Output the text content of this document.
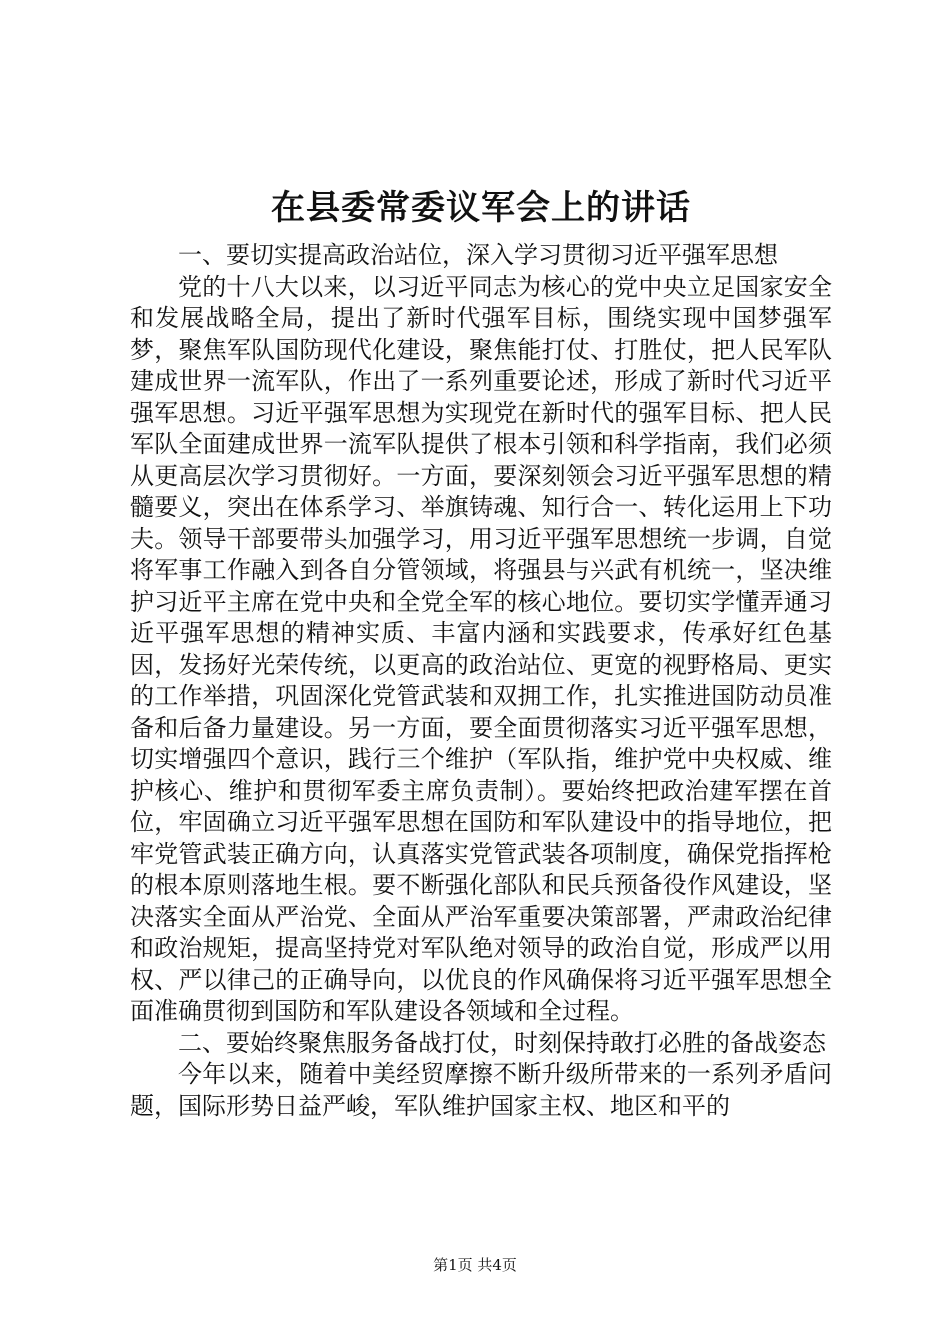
在县委常委议军会上的讲话

一、要切实提高政治站位，深入学习贯彻习近平强军思想

党的十八大以来，以习近平同志为核心的党中央立足国家安全和发展战略全局，提出了新时代强军目标，围绕实现中国梦强军梦，聚焦军队国防现代化建设，聚焦能打仗、打胜仗，把人民军队建成世界一流军队，作出了一系列重要论述，形成了新时代习近平强军思想。习近平强军思想为实现党在新时代的强军目标、把人民军队全面建成世界一流军队提供了根本引领和科学指南，我们必须从更高层次学习贯彻好。一方面，要深刻领会习近平强军思想的精髓要义，突出在体系学习、举旗铸魂、知行合一、转化运用上下功夫。领导干部要带头加强学习，用习近平强军思想统一步调，自觉将军事工作融入到各自分管领域，将强县与兴武有机统一，坚决维护习近平主席在党中央和全党全军的核心地位。要切实学懂弄通习近平强军思想的精神实质、丰富内涵和实践要求，传承好红色基因，发扬好光荣传统，以更高的政治站位、更宽的视野格局、更实的工作举措，巩固深化党管武装和双拥工作，扎实推进国防动员准备和后备力量建设。另一方面，要全面贯彻落实习近平强军思想，切实增强四个意识，践行三个维护（军队指，维护党中央权威、维护核心、维护和贯彻军委主席负责制）。要始终把政治建军摆在首位，牢固确立习近平强军思想在国防和军队建设中的指导地位，把牢党管武装正确方向，认真落实党管武装各项制度，确保党指挥枪的根本原则落地生根。要不断强化部队和民兵预备役作风建设，坚决落实全面从严治党、全面从严治军重要决策部署，严肃政治纪律和政治规矩，提高坚持党对军队绝对领导的政治自觉，形成严以用权、严以律己的正确导向，以优良的作风确保将习近平强军思想全面准确贯彻到国防和军队建设各领域和全过程。

二、要始终聚焦服务备战打仗，时刻保持敢打必胜的备战姿态

今年以来，随着中美经贸摩擦不断升级所带来的一系列矛盾问题，国际形势日益严峻，军队维护国家主权、地区和平的

第1页 共4页
